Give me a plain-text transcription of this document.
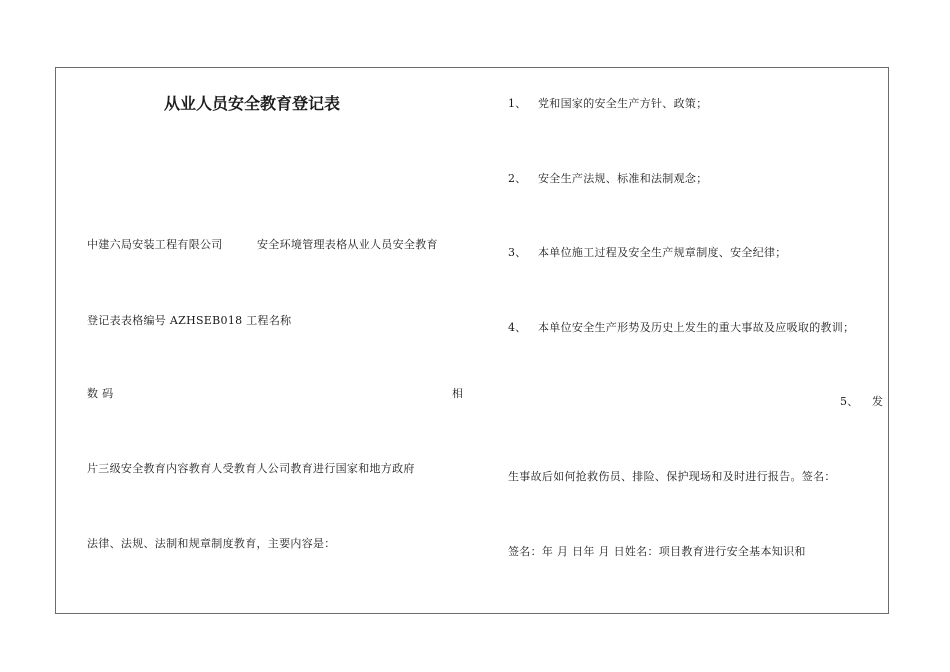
从业人员安全教育登记表
中建六局安装工程有限公司	安全环境管理表格从业人员安全教育
登记表表格编号 AZHSEB018 工程名称
数 码	相
片三级安全教育内容教育人受教育人公司教育进行国家和地方政府
法律、法规、法制和规章制度教育，主要内容是：
1、 党和国家的安全生产方针、政策；
2、 安全生产法规、标准和法制观念；
3、 本单位施工过程及安全生产规章制度、安全纪律；
4、 本单位安全生产形势及历史上发生的重大事故及应吸取的教训；
5、 发
生事故后如何抢救伤员、排险、保护现场和及时进行报告。签名：
签名：年 月 日年 月 日姓名：项目教育进行安全基本知识和
